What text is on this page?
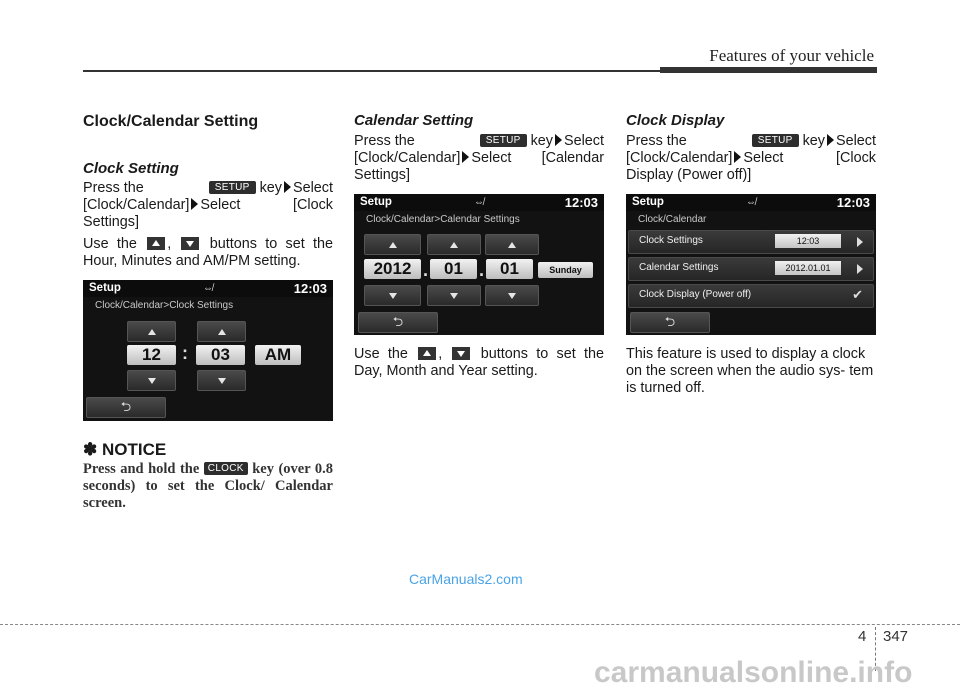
Features of your vehicle
Clock/Calendar Setting
Clock Setting

Press the	SETUP key Select
[Clock/Calendar] Select [Clock Settings]

Use the ,	buttons to set the Hour, Minutes and AM/PM setting.

Setup	⇎	12:03
Clock/Calendar>Clock Settings
12	:	03	AM
⮌
✽ NOTICE
Press and hold the CLOCK key (over 0.8 seconds) to set the Clock/ Calendar screen.
Calendar Setting

Press the	SETUP key Select
[Clock/Calendar] Select [Calendar Settings]

Setup	⇎	12:03
Clock/Calendar>Calendar Settings
2012 . 01 . 01	Sunday
⮌

Use the ,	buttons to set the Day, Month and Year setting.

Clock Display

Press the	SETUP key Select
[Clock/Calendar] Select [Clock Display (Power off)]

Setup	⇎	12:03
Clock/Calendar
Clock Settings	12:03
Calendar Settings	2012.01.01
Clock Display (Power off)	✔
⮌

This feature is used to display a clock on the screen when the audio sys- tem is turned off.

CarManuals2.com
4 347
carmanualsonline.info
